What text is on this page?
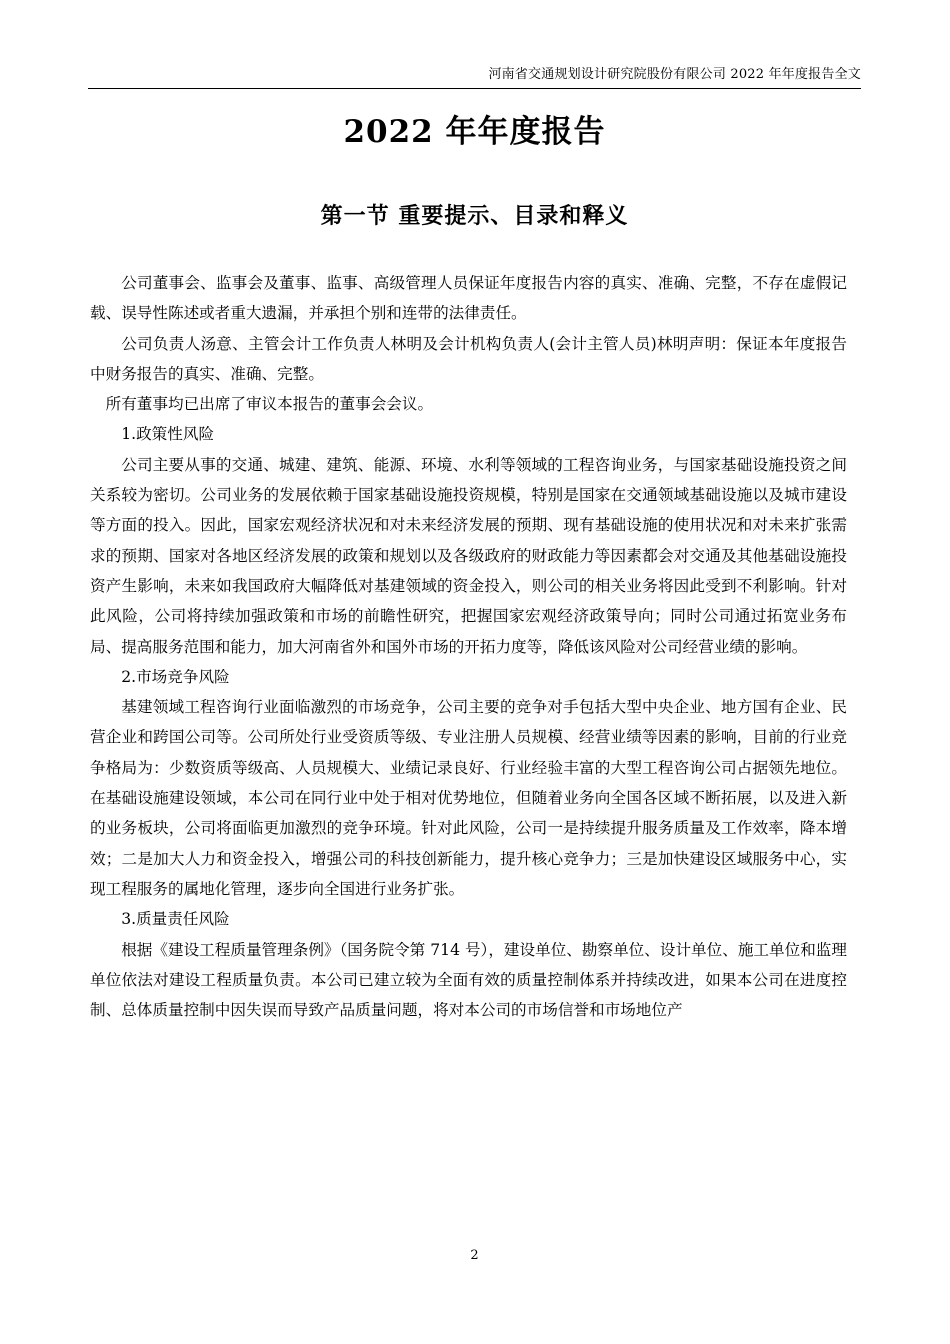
河南省交通规划设计研究院股份有限公司 2022 年年度报告全文
2022 年年度报告
第一节 重要提示、目录和释义

公司董事会、监事会及董事、监事、高级管理人员保证年度报告内容的真实、准确、完整，不存在虚假记载、误导性陈述或者重大遗漏，并承担个别和连带的法律责任。

公司负责人汤意、主管会计工作负责人林明及会计机构负责人(会计主管人员)林明声明：保证本年度报告中财务报告的真实、准确、完整。

所有董事均已出席了审议本报告的董事会会议。

1.政策性风险

公司主要从事的交通、城建、建筑、能源、环境、水利等领域的工程咨询业务，与国家基础设施投资之间关系较为密切。公司业务的发展依赖于国家基础设施投资规模，特别是国家在交通领域基础设施以及城市建设等方面的投入。因此，国家宏观经济状况和对未来经济发展的预期、现有基础设施的使用状况和对未来扩张需求的预期、国家对各地区经济发展的政策和规划以及各级政府的财政能力等因素都会对交通及其他基础设施投资产生影响，未来如我国政府大幅降低对基建领域的资金投入，则公司的相关业务将因此受到不利影响。针对此风险，公司将持续加强政策和市场的前瞻性研究，把握国家宏观经济政策导向；同时公司通过拓宽业务布局、提高服务范围和能力，加大河南省外和国外市场的开拓力度等，降低该风险对公司经营业绩的影响。

2.市场竞争风险

基建领域工程咨询行业面临激烈的市场竞争，公司主要的竞争对手包括大型中央企业、地方国有企业、民营企业和跨国公司等。公司所处行业受资质等级、专业注册人员规模、经营业绩等因素的影响，目前的行业竞争格局为：少数资质等级高、人员规模大、业绩记录良好、行业经验丰富的大型工程咨询公司占据领先地位。在基础设施建设领域，本公司在同行业中处于相对优势地位，但随着业务向全国各区域不断拓展，以及进入新的业务板块，公司将面临更加激烈的竞争环境。针对此风险，公司一是持续提升服务质量及工作效率，降本增效；二是加大人力和资金投入，增强公司的科技创新能力，提升核心竞争力；三是加快建设区域服务中心，实现工程服务的属地化管理，逐步向全国进行业务扩张。

3.质量责任风险

根据《建设工程质量管理条例》（国务院令第 714 号），建设单位、勘察单位、设计单位、施工单位和监理单位依法对建设工程质量负责。本公司已建立较为全面有效的质量控制体系并持续改进，如果本公司在进度控制、总体质量控制中因失误而导致产品质量问题，将对本公司的市场信誉和市场地位产

2
